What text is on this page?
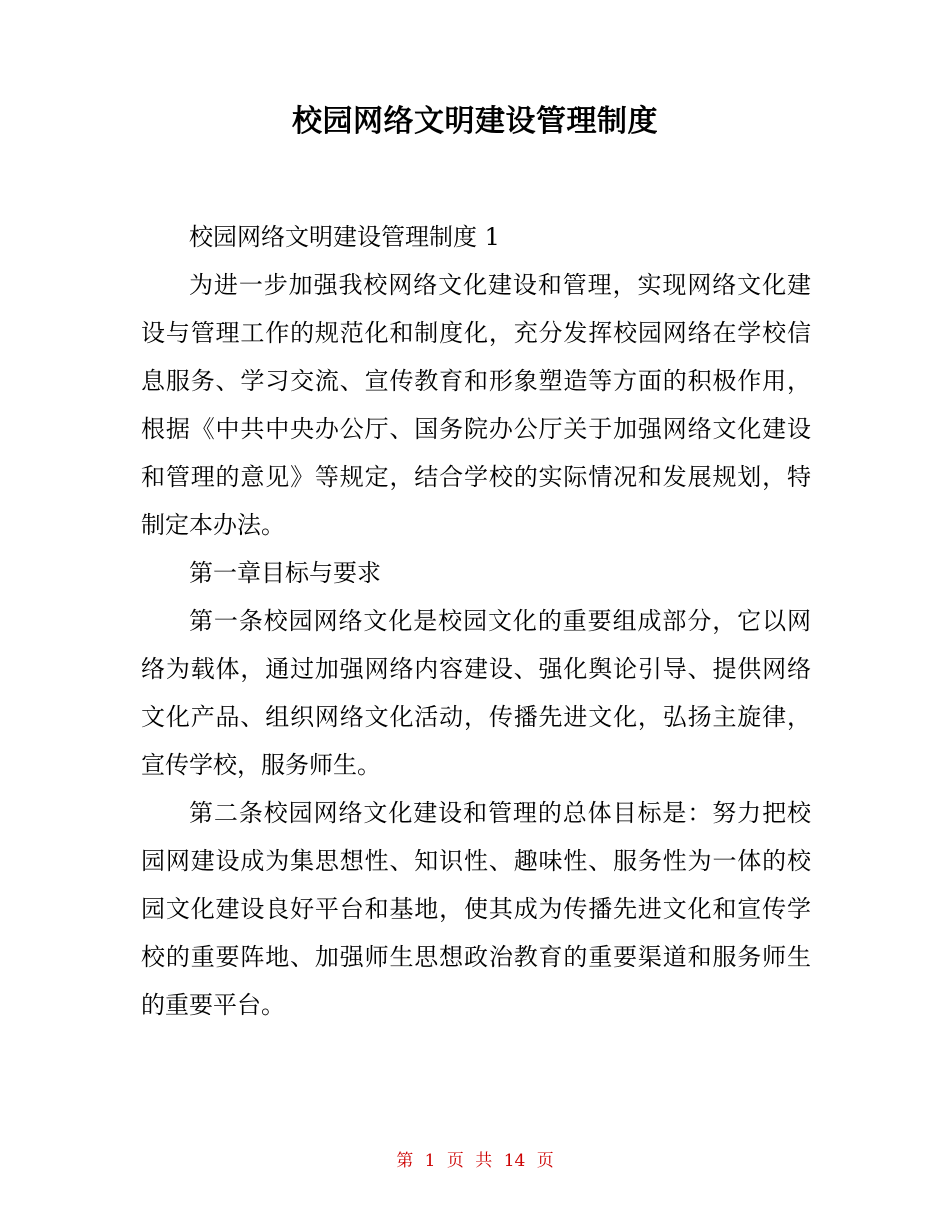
校园网络文明建设管理制度

校园网络文明建设管理制度 1

为进一步加强我校网络文化建设和管理，实现网络文化建设与管理工作的规范化和制度化，充分发挥校园网络在学校信息服务、学习交流、宣传教育和形象塑造等方面的积极作用，根据《中共中央办公厅、国务院办公厅关于加强网络文化建设和管理的意见》等规定，结合学校的实际情况和发展规划，特制定本办法。

第一章目标与要求

第一条校园网络文化是校园文化的重要组成部分，它以网络为载体，通过加强网络内容建设、强化舆论引导、提供网络文化产品、组织网络文化活动，传播先进文化，弘扬主旋律，宣传学校，服务师生。

第二条校园网络文化建设和管理的总体目标是：努力把校园网建设成为集思想性、知识性、趣味性、服务性为一体的校园文化建设良好平台和基地，使其成为传播先进文化和宣传学校的重要阵地、加强师生思想政治教育的重要渠道和服务师生的重要平台。

第 1 页 共 14 页
